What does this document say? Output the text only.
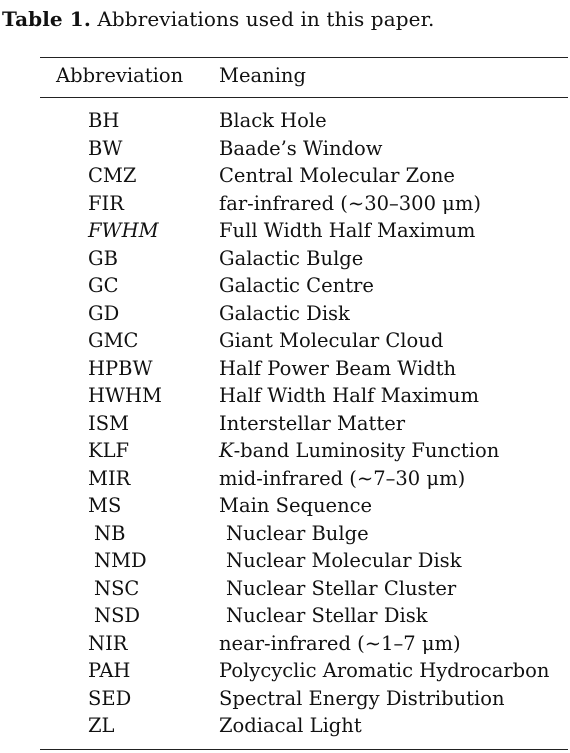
Table 1. Abbreviations used in this paper.
Abbreviation Meaning
BH	Black Hole
BW	Baade’s Window
CMZ	Central Molecular Zone
FIR	far-infrared (∼30–300 μm)
FWHM	Full Width Half Maximum
GB	Galactic Bulge
GC	Galactic Centre
GD	Galactic Disk
GMC	Giant Molecular Cloud
HPBW	Half Power Beam Width
HWHM	Half Width Half Maximum
ISM	Interstellar Matter
KLF	K-band Luminosity Function
MIR	mid-infrared (∼7–30 μm)
MS	Main Sequence
NB	Nuclear Bulge
NMD	Nuclear Molecular Disk
NSC	Nuclear Stellar Cluster
NSD	Nuclear Stellar Disk
NIR	near-infrared (∼1–7 μm)
PAH	Polycyclic Aromatic Hydrocarbon
SED	Spectral Energy Distribution
ZL	Zodiacal Light
